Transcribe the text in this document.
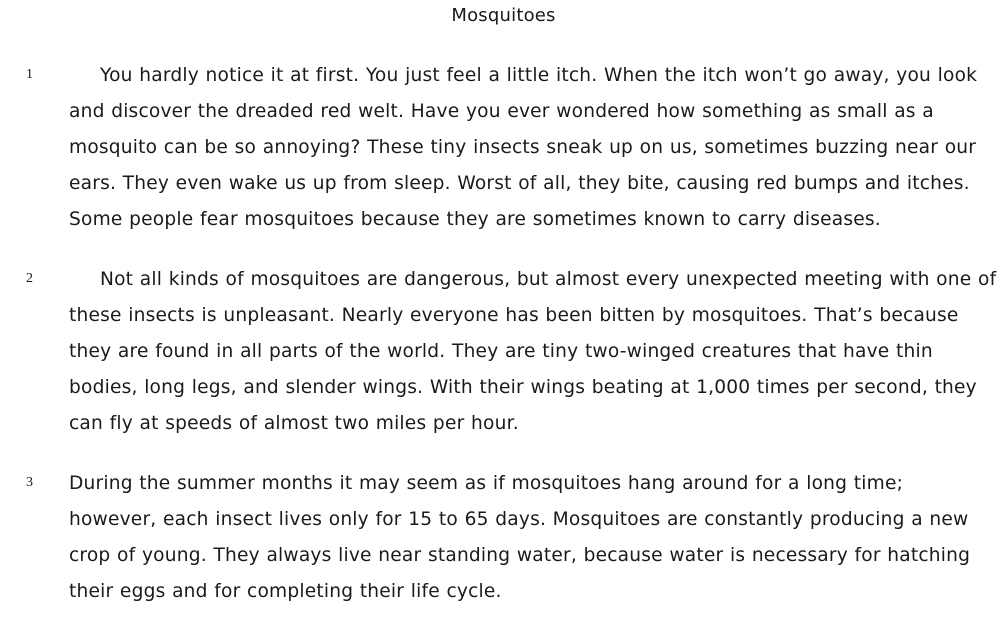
Mosquitoes
1	You hardly notice it at first. You just feel a little itch. When the itch won’t go away, you look and discover the dreaded red welt. Have you ever wondered how something as small as a mosquito can be so annoying? These tiny insects sneak up on us, sometimes buzzing near our ears. They even wake us up from sleep. Worst of all, they bite, causing red bumps and itches. Some people fear mosquitoes because they are sometimes known to carry diseases.

2	Not all kinds of mosquitoes are dangerous, but almost every unexpected meeting with one of these insects is unpleasant. Nearly everyone has been bitten by mosquitoes. That’s because they are found in all parts of the world. They are tiny two-winged creatures that have thin bodies, long legs, and slender wings. With their wings beating at 1,000 times per second, they can fly at speeds of almost two miles per hour.

3	During the summer months it may seem as if mosquitoes hang around for a long time; however, each insect lives only for 15 to 65 days. Mosquitoes are constantly producing a new crop of young. They always live near standing water, because water is necessary for hatching their eggs and for completing their life cycle.
